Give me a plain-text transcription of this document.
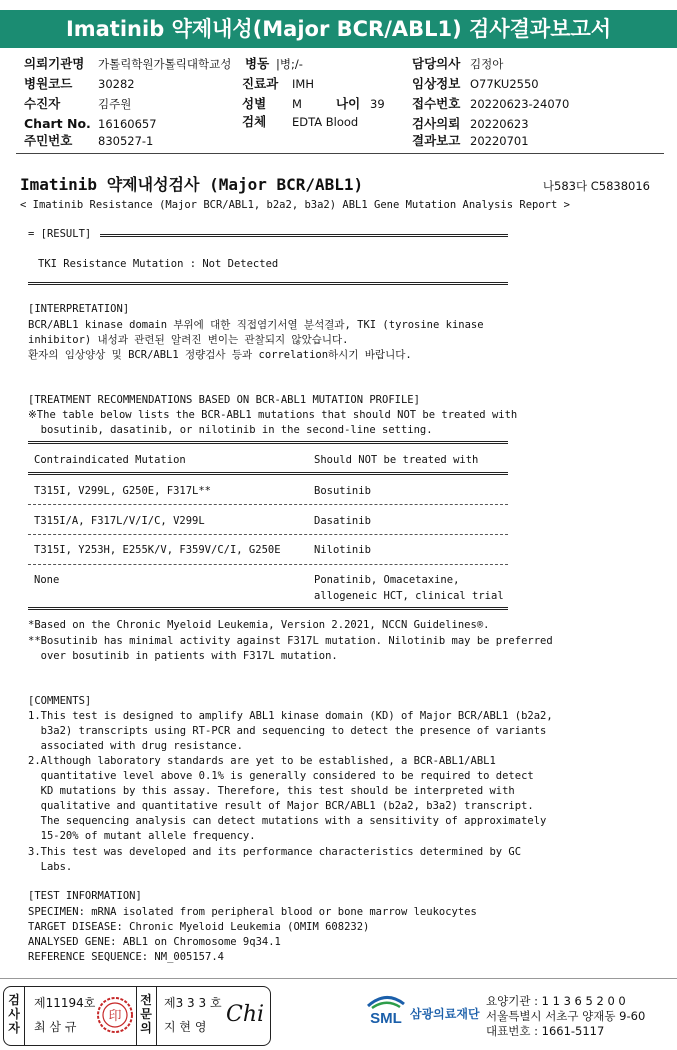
Imatinib 약제내성(Major BCR/ABL1) 검사결과보고서
의뢰기관명 가톨릭학원가톨릭대학교성 병동 |병;/-	담당의사 김정아
병원코드 30282	진료과 IMH	임상정보 O77KU2550
수진자	김주원	성별 M	나이 39 접수번호 20220623-24070
Chart No. 16160657	검체 EDTA Blood	검사의뢰 20220623
주민번호 830527-1	결과보고 20220701
Imatinib 약제내성검사 (Major BCR/ABL1)	나583다 C5838016
< Imatinib Resistance (Major BCR/ABL1, b2a2, b3a2) ABL1 Gene Mutation Analysis Report >
= [RESULT]
TKI Resistance Mutation : Not Detected
[INTERPRETATION]
BCR/ABL1 kinase domain 부위에 대한 직접염기서열 분석결과, TKI (tyrosine kinase
inhibitor) 내성과 관련된 알려진 변이는 관찰되지 않았습니다.
환자의 임상양상 및 BCR/ABL1 정량검사 등과 correlation하시기 바랍니다.
[TREATMENT RECOMMENDATIONS BASED ON BCR-ABL1 MUTATION PROFILE]
※The table below lists the BCR-ABL1 mutations that should NOT be treated with
bosutinib, dasatinib, or nilotinib in the second-line setting.
Contraindicated Mutation	Should NOT be treated with
T315I, V299L, G250E, F317L**	Bosutinib
T315I/A, F317L/V/I/C, V299L	Dasatinib
T315I, Y253H, E255K/V, F359V/C/I, G250E	Nilotinib
None	Ponatinib, Omacetaxine,
allogeneic HCT, clinical trial
*Based on the Chronic Myeloid Leukemia, Version 2.2021, NCCN Guidelines®.
**Bosutinib has minimal activity against F317L mutation. Nilotinib may be preferred
over bosutinib in patients with F317L mutation.
[COMMENTS]
1.This test is designed to amplify ABL1 kinase domain (KD) of Major BCR/ABL1 (b2a2,
b3a2) transcripts using RT-PCR and sequencing to detect the presence of variants
associated with drug resistance.
2.Although laboratory standards are yet to be established, a BCR-ABL1/ABL1
quantitative level above 0.1% is generally considered to be required to detect
KD mutations by this assay. Therefore, this test should be interpreted with
qualitative and quantitative result of Major BCR/ABL1 (b2a2, b3a2) transcript.
The sequencing analysis can detect mutations with a sensitivity of approximately
15-20% of mutant allele frequency.
3.This test was developed and its performance characteristics determined by GC
Labs.
[TEST INFORMATION]
SPECIMEN: mRNA isolated from peripheral blood or bone marrow leukocytes
TARGET DISEASE: Chronic Myeloid Leukemia (OMIM 608232)
ANALYSED GENE: ABL1 on Chromosome 9q34.1
REFERENCE SEQUENCE: NM_005157.4
검
사
자
제11194호
최 삼 규
印
전
문
의
제3 3 3 호
지 현 영 Chi	SML 삼광의료재단
요양기관 : 1 1 3 6 5 2 0 0
서울특별시 서초구 양재동 9-60
대표번호 : 1661-5117
